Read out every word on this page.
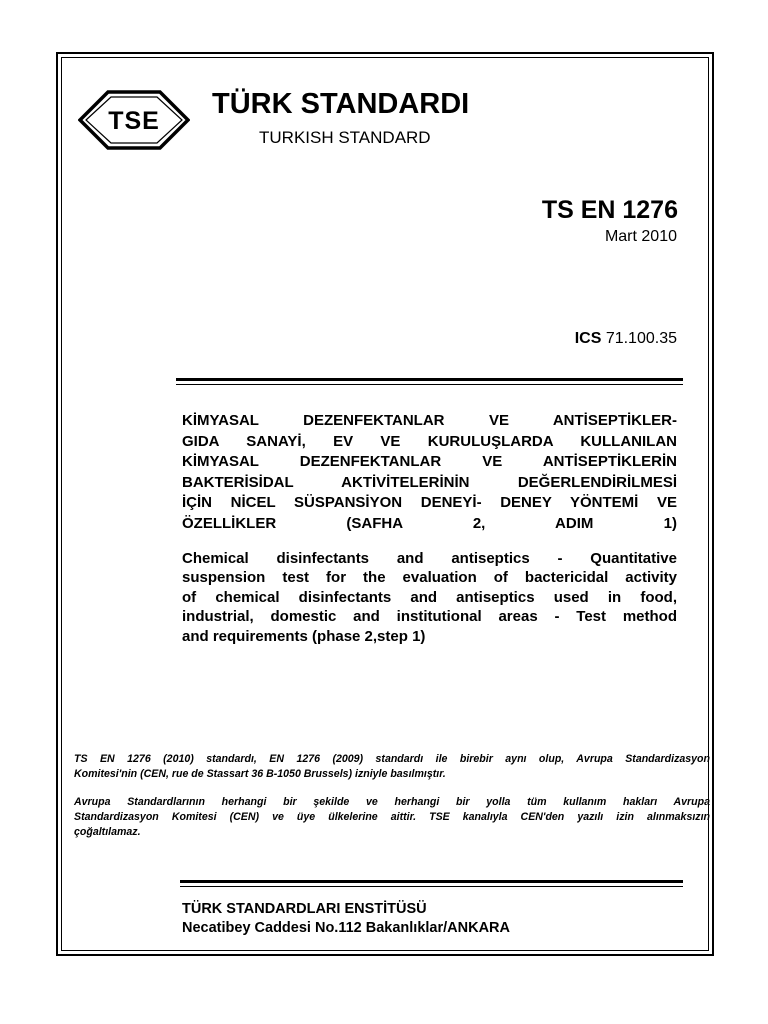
TSE
TÜRK STANDARDI
TURKISH STANDARD
TS EN 1276
Mart 2010
ICS 71.100.35
KİMYASAL DEZENFEKTANLAR VE ANTİSEPTİKLER-
GIDA SANAYİ, EV VE KURULUŞLARDA KULLANILAN
KİMYASAL DEZENFEKTANLAR VE ANTİSEPTİKLERİN
BAKTERİSİDAL AKTİVİTELERİNİN DEĞERLENDİRİLMESİ
İÇİN NİCEL SÜSPANSİYON DENEYİ- DENEY YÖNTEMİ VE
ÖZELLİKLER (SAFHA 2, ADIM 1)
Chemical disinfectants and antiseptics - Quantitative
suspension test for the evaluation of bactericidal activity
of chemical disinfectants and antiseptics used in food,
industrial, domestic and institutional areas - Test method
and requirements (phase 2,step 1)
TS EN 1276 (2010) standardı, EN 1276 (2009) standardı ile birebir aynı olup, Avrupa Standardizasyon
Komitesi'nin (CEN, rue de Stassart 36 B-1050 Brussels) izniyle basılmıştır.
Avrupa Standardlarının herhangi bir şekilde ve herhangi bir yolla tüm kullanım hakları Avrupa
Standardizasyon Komitesi (CEN) ve üye ülkelerine aittir. TSE kanalıyla CEN'den yazılı izin alınmaksızın
çoğaltılamaz.
TÜRK STANDARDLARI ENSTİTÜSÜ
Necatibey Caddesi No.112 Bakanlıklar/ANKARA
